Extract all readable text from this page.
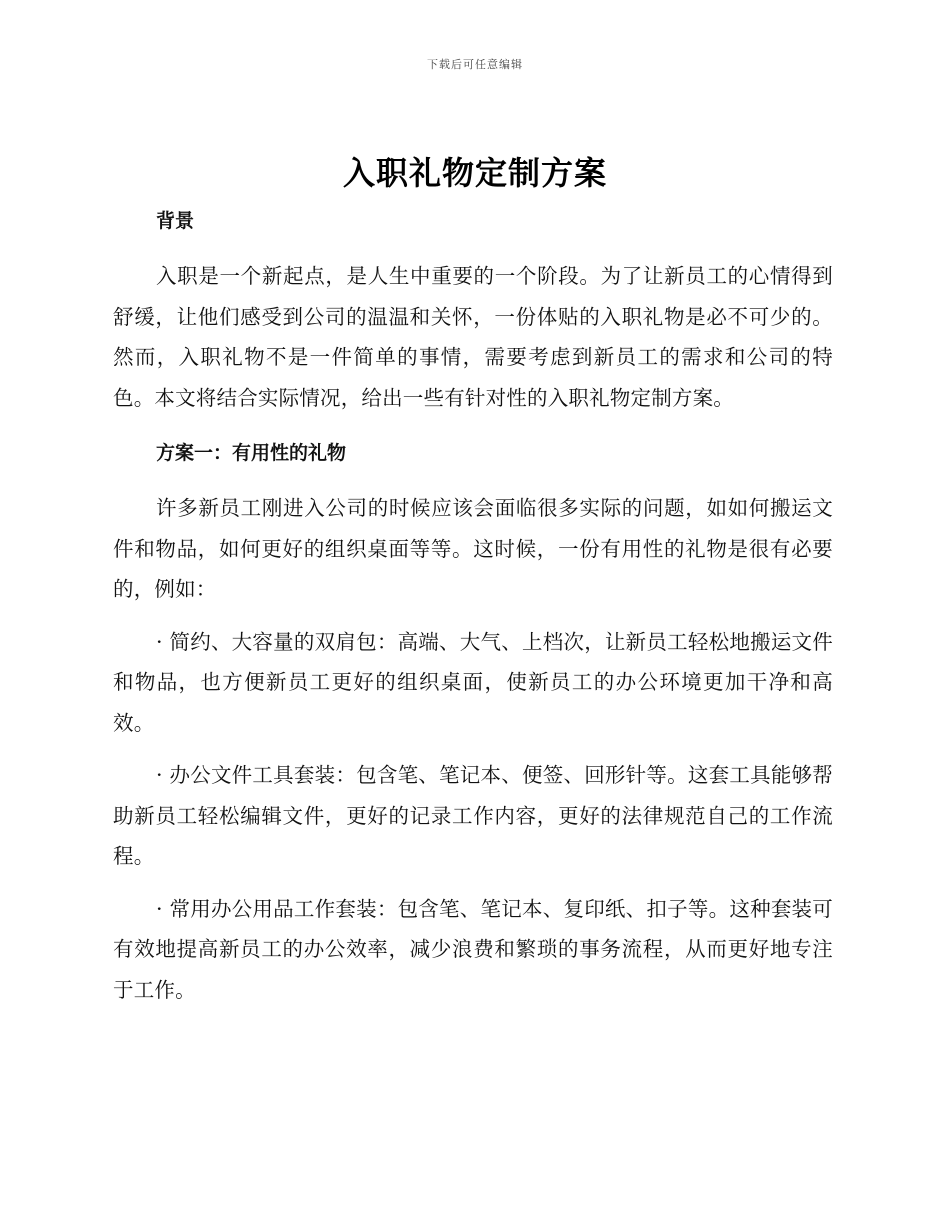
下载后可任意编辑
入职礼物定制方案
背景

入职是一个新起点，是人生中重要的一个阶段。为了让新员工的心情得到舒缓，让他们感受到公司的温温和关怀，一份体贴的入职礼物是必不可少的。然而，入职礼物不是一件简单的事情，需要考虑到新员工的需求和公司的特色。本文将结合实际情况，给出一些有针对性的入职礼物定制方案。

方案一：有用性的礼物

许多新员工刚进入公司的时候应该会面临很多实际的问题，如如何搬运文件和物品，如何更好的组织桌面等等。这时候，一份有用性的礼物是很有必要的，例如：

· 简约、大容量的双肩包：高端、大气、上档次，让新员工轻松地搬运文件和物品，也方便新员工更好的组织桌面，使新员工的办公环境更加干净和高效。

· 办公文件工具套装：包含笔、笔记本、便签、回形针等。这套工具能够帮助新员工轻松编辑文件，更好的记录工作内容，更好的法律规范自己的工作流程。

· 常用办公用品工作套装：包含笔、笔记本、复印纸、扣子等。这种套装可有效地提高新员工的办公效率，减少浪费和繁琐的事务流程，从而更好地专注于工作。
